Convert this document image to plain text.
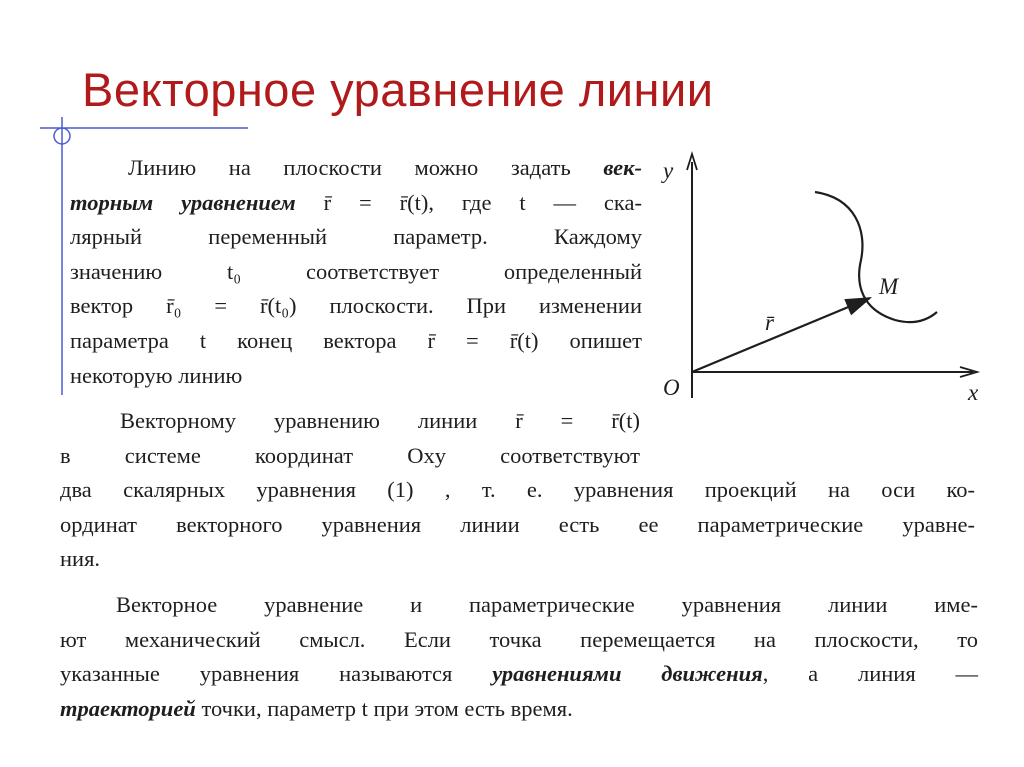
Векторное уравнение линии
Линию на плоскости можно задать век-
торным уравнением r̄ = r̄(t), где t — ска-
лярный переменный параметр. Каждому
значению t₀ соответствует определенный
вектор r̄₀ = r̄(t₀) плоскости. При изменении
параметра t конец вектора r̄ = r̄(t) опишет
некоторую линию
Векторному уравнению линии r̄ = r̄(t)
в системе координат Oxy соответствуют
два скалярных уравнения (1) , т. е. уравнения проекций на оси ко-
ординат векторного уравнения линии есть ее параметрические уравне-
ния.
Векторное уравнение и параметрические уравнения линии име-
ют механический смысл. Если точка перемещается на плоскости, то
указанные уравнения называются уравнениями движения, а линия —
траекторией точки, параметр t при этом есть время.
y
x
O
M
r̄
